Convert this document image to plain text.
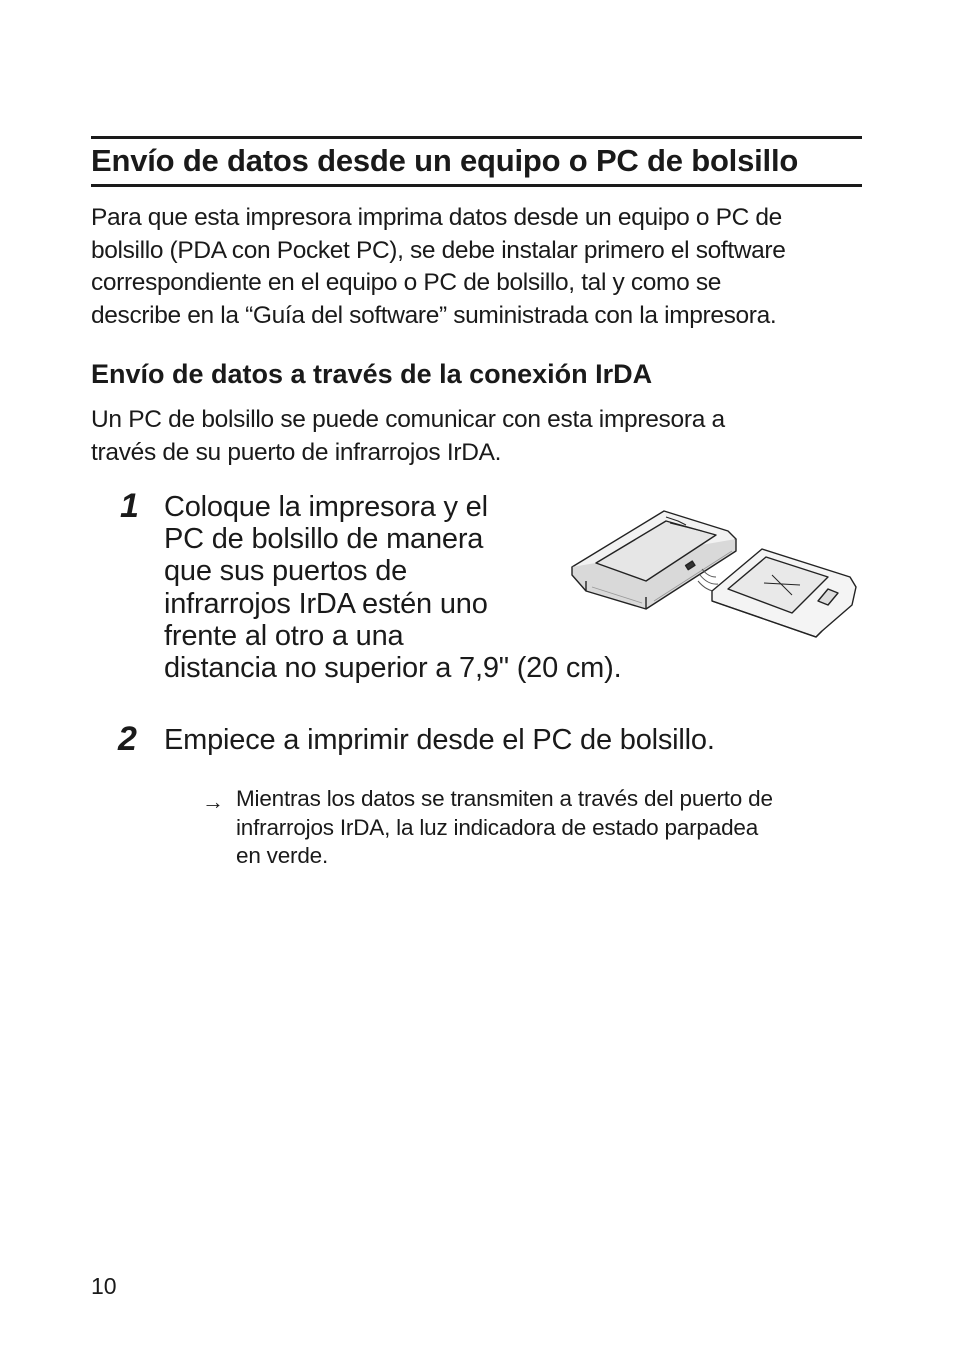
Envío de datos desde un equipo o PC de bolsillo
Para que esta impresora imprima datos desde un equipo o PC de
bolsillo (PDA con Pocket PC), se debe instalar primero el software
correspondiente en el equipo o PC de bolsillo, tal y como se
describe en la “Guía del software” suministrada con la impresora.
Envío de datos a través de la conexión IrDA
Un PC de bolsillo se puede comunicar con esta impresora a
través de su puerto de infrarrojos IrDA.
1 Coloque la impresora y el
PC de bolsillo de manera
que sus puertos de
infrarrojos IrDA estén uno
frente al otro a una
distancia no superior a 7,9" (20 cm).
2 Empiece a imprimir desde el PC de bolsillo.
→ Mientras los datos se transmiten a través del puerto de
infrarrojos IrDA, la luz indicadora de estado parpadea
en verde.
10
